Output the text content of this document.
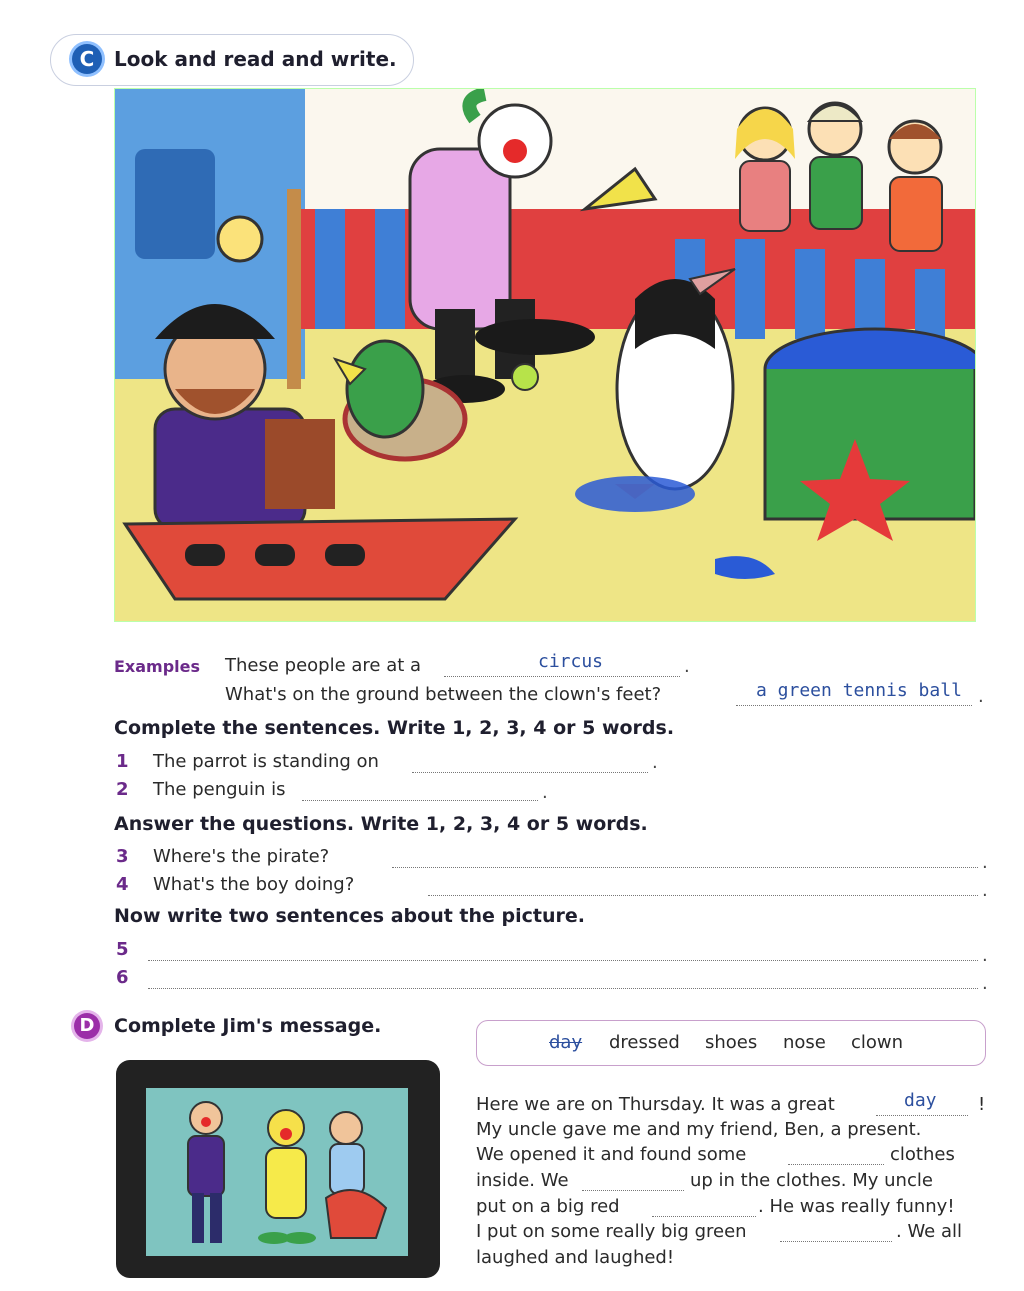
C Look and read and write.
Examples These people are at a	circus	.
What's on the ground between the clown's feet?	a green tennis ball .
Complete the sentences. Write 1, 2, 3, 4 or 5 words.
1 The parrot is standing on	.
2 The penguin is	.
Answer the questions. Write 1, 2, 3, 4 or 5 words.
3 Where's the pirate?	.
4 What's the boy doing?	.
Now write two sentences about the picture.
5	.
6	.
D Complete Jim's message.
day dressed shoes nose clown
Here we are on Thursday. It was a great	day !
My uncle gave me and my friend, Ben, a present.
We opened it and found some	clothes
inside. We	up in the clothes. My uncle
put on a big red	. He was really funny!
I put on some really big green	. We all
laughed and laughed!
